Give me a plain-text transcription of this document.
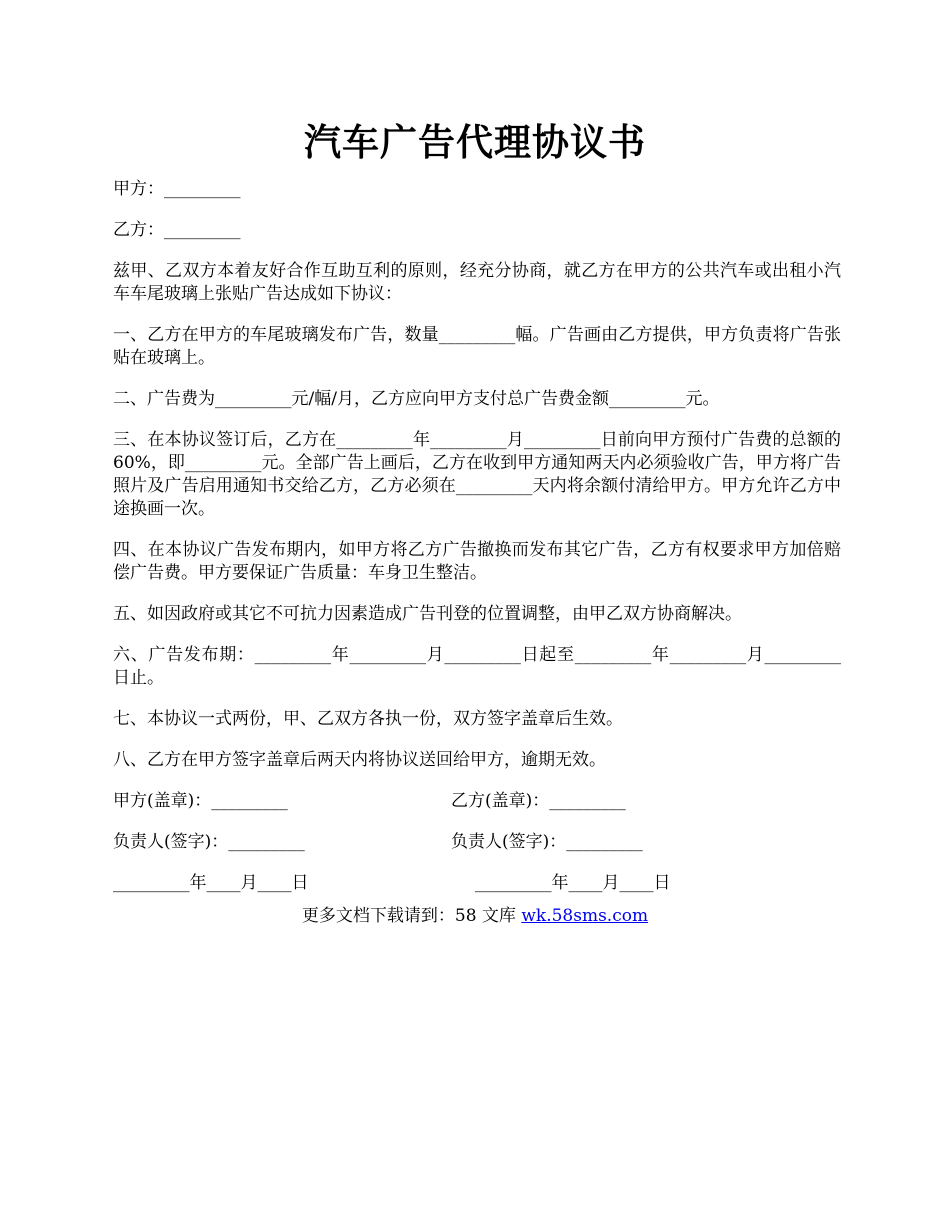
汽车广告代理协议书

甲方：_________

乙方：_________

兹甲、乙双方本着友好合作互助互利的原则，经充分协商，就乙方在甲方的公共汽车或出租小汽车车尾玻璃上张贴广告达成如下协议：

一、乙方在甲方的车尾玻璃发布广告，数量_________幅。广告画由乙方提供，甲方负责将广告张贴在玻璃上。

二、广告费为_________元/幅/月，乙方应向甲方支付总广告费金额_________元。

三、在本协议签订后，乙方在_________年_________月_________日前向甲方预付广告费的总额的60%，即_________元。全部广告上画后，乙方在收到甲方通知两天内必须验收广告，甲方将广告照片及广告启用通知书交给乙方，乙方必须在_________天内将余额付清给甲方。甲方允许乙方中途换画一次。

四、在本协议广告发布期内，如甲方将乙方广告撤换而发布其它广告，乙方有权要求甲方加倍赔偿广告费。甲方要保证广告质量：车身卫生整洁。

五、如因政府或其它不可抗力因素造成广告刊登的位置调整，由甲乙双方协商解决。

六、广告发布期：_________年_________月_________日起至_________年_________月_________日止。

七、本协议一式两份，甲、乙双方各执一份，双方签字盖章后生效。

八、乙方在甲方签字盖章后两天内将协议送回给甲方，逾期无效。

甲方(盖章)：_________	乙方(盖章)：_________
负责人(签字)：_________	负责人(签字)：_________
_________年____月____日	_________年____月____日
更多文档下载请到：58 文库 wk.58sms.com
